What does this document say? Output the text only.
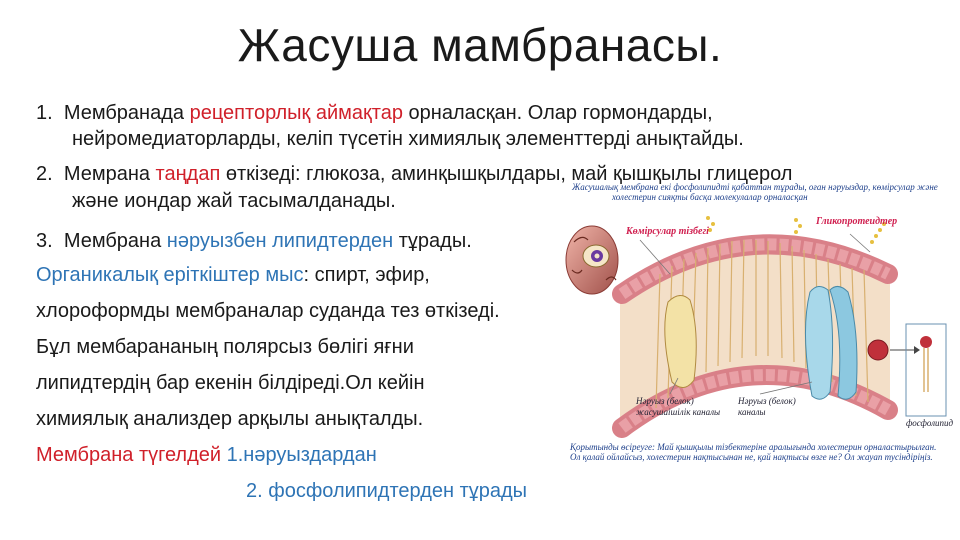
Жасуша мамбранасы.
1. Мембранада рецепторлық аймақтар орналасқан. Олар гормондарды,
нейромедиаторларды, келіп түсетін химиялық элементтерді анықтайды.
2. Мемрана таңдап өткізеді: глюкоза, аминқышқылдары, май қышқылы глицерол
және иондар жай тасымалданады.
3. Мембрана нәруызбен липидтерден тұрады.
Органикалық еріткіштер мыс: спирт, эфир,
хлороформды мембраналар суданда тез өткізеді.
Бұл мембарананың полярсыз бөлігі яғни
липидтердің бар екенін білдіреді.Ол кейін
химиялық анализдер арқылы анықталды.
Мембрана түгелдей 1.нәруыздардан
2. фосфолипидтерден тұрады
Жасушалық мембрана екі фосфолипидті қабаттан тұрады, оған нәруыздар, көмірсулар және
холестерин сияқты басқа молекулалар орналасқан
Көмірсулар тізбегі
Гликопротеидтер
Нәруыз (белок)
жасушаішілік каналы
Нәруыз (белок)
каналы
фосфолипид
Қорытынды өсіреуге: Май қышқылы тізбектеріне аралығында холестерин орналастырылған.
Ол қалай ойлайсыз, холестерин нақтысынан не, қай нақтысы өзге не? Ол жауап тусіндіріңіз.
